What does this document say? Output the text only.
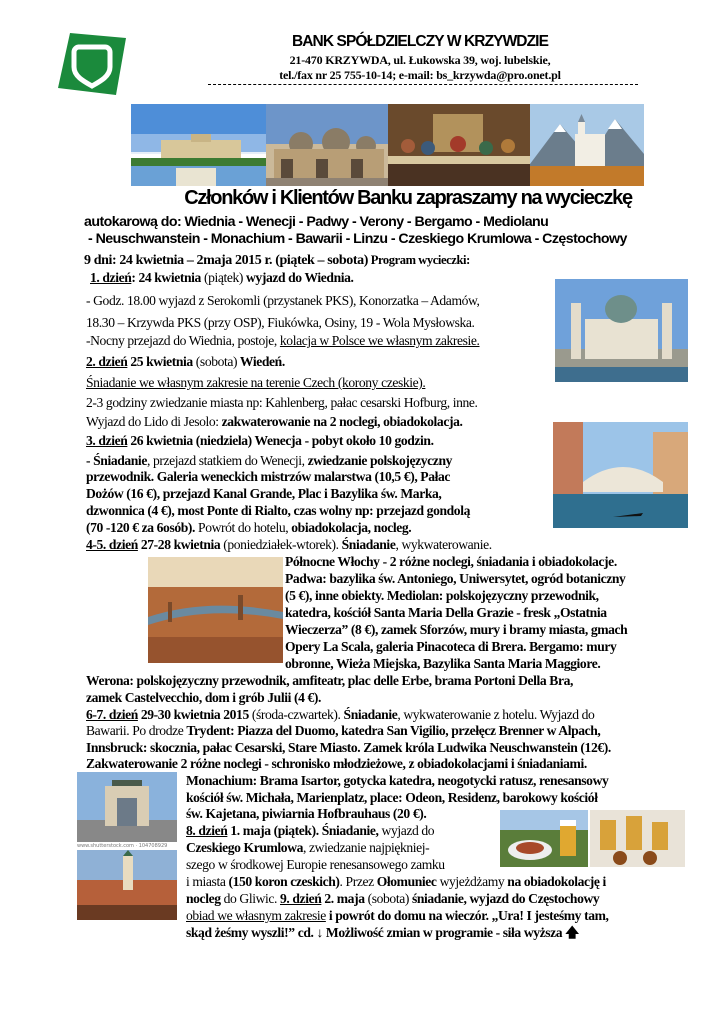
BANK SPÓŁDZIELCZY W KRZYWDZIE
21-470 KRZYWDA, ul. Łukowska 39, woj. lubelskie,
tel./fax nr 25 755-10-14; e-mail: bs_krzywda@pro.onet.pl
Członków i Klientów Banku zapraszamy na wycieczkę
autokarową do: Wiednia - Wenecji - Padwy - Verony - Bergamo - Mediolanu
- Neuschwanstein - Monachium - Bawarii - Linzu - Czeskiego Krumlowa - Częstochowy
9 dni: 24 kwietnia – 2maja 2015 r. (piątek – sobota) Program wycieczki:
1. dzień: 24 kwietnia (piątek) wyjazd do Wiednia.
- Godz. 18.00 wyjazd z Serokomli (przystanek PKS), Konorzatka – Adamów,
18.30 – Krzywda PKS (przy OSP), Fiukówka, Osiny, 19 - Wola Mysłowska.
-Nocny przejazd do Wiednia, postoje, kolacja w Polsce we własnym zakresie.
2. dzień 25 kwietnia (sobota) Wiedeń.
Śniadanie we własnym zakresie na terenie Czech (korony czeskie).
2-3 godziny zwiedzanie miasta np: Kahlenberg, pałac cesarski Hofburg, inne.
Wyjazd do Lido di Jesolo: zakwaterowanie na 2 noclegi, obiadokolacja.
3. dzień 26 kwietnia (niedziela) Wenecja - pobyt około 10 godzin.
- Śniadanie, przejazd statkiem do Wenecji, zwiedzanie polskojęzyczny
przewodnik. Galeria weneckich mistrzów malarstwa (10,5 €), Pałac
Dożów (16 €), przejazd Kanal Grande, Plac i Bazylika św. Marka,
dzwonnica (4 €), most Ponte di Rialto, czas wolny np: przejazd gondolą
(70 -120 € za 6osób). Powrót do hotelu, obiadokolacja, nocleg.
4-5. dzień 27-28 kwietnia (poniedziałek-wtorek). Śniadanie, wykwaterowanie.
Północne Włochy - 2 różne noclegi, śniadania i obiadokolacje.
Padwa: bazylika św. Antoniego, Uniwersytet, ogród botaniczny
(5 €), inne obiekty. Mediolan: polskojęzyczny przewodnik,
katedra, kościół Santa Maria Della Grazie - fresk „Ostatnia
Wieczerza” (8 €), zamek Sforzów, mury i bramy miasta, gmach
Opery La Scala, galeria Pinacoteca di Brera. Bergamo: mury
obronne, Wieża Miejska, Bazylika Santa Maria Maggiore.
Werona: polskojęzyczny przewodnik, amfiteatr, plac delle Erbe, brama Portoni Della Bra,
zamek Castelvecchio, dom i grób Julii (4 €).
6-7. dzień 29-30 kwietnia 2015 (środa-czwartek). Śniadanie, wykwaterowanie z hotelu. Wyjazd do
Bawarii. Po drodze Trydent: Piazza del Duomo, katedra San Vigilio, przełęcz Brenner w Alpach,
Innsbruck: skocznia, pałac Cesarski, Stare Miasto. Zamek króla Ludwika Neuschwanstein (12€).
Zakwaterowanie 2 różne noclegi - schronisko młodzieżowe, z obiadokolacjami i śniadaniami.
Monachium: Brama Isartor, gotycka katedra, neogotycki ratusz, renesansowy
kościół św. Michała, Marienplatz, place: Odeon, Residenz, barokowy kościół
św. Kajetana, piwiarnia Hofbrauhaus (20 €).
8. dzień 1. maja (piątek). Śniadanie, wyjazd do
Czeskiego Krumlowa, zwiedzanie najpiękniej-
szego w środkowej Europie renesansowego zamku
i miasta (150 koron czeskich). Przez Ołomuniec wyjeżdżamy na obiadokolację i
nocleg do Gliwic. 9. dzień 2. maja (sobota) śniadanie, wyjazd do Częstochowy
obiad we własnym zakresie i powrót do domu na wieczór. „Ura! I jesteśmy tam,
skąd żeśmy wyszli!” cd. ↓ Możliwość zmian w programie - siła wyższa 🡅
www.shutterstock.com · 104708929
